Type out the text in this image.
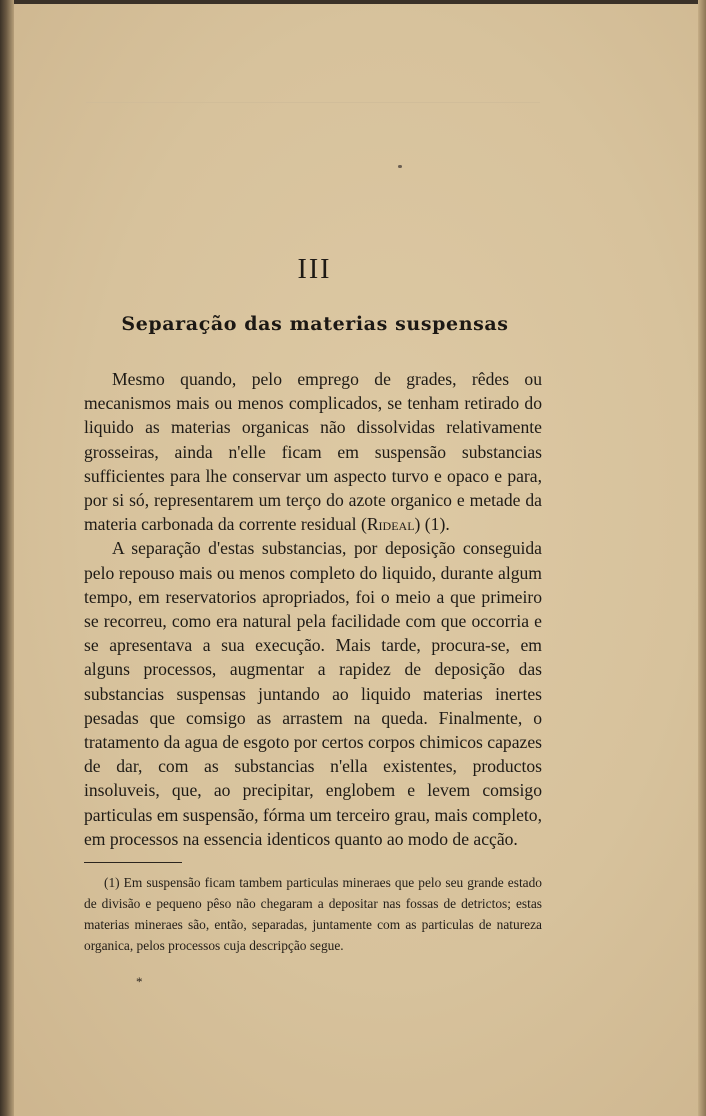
III
Separação das materias suspensas

Mesmo quando, pelo emprego de grades, rêdes ou mecanismos mais ou menos complicados, se tenham retirado do liquido as materias organicas não dissolvidas relativamente grosseiras, ainda n'elle ficam em suspensão substancias sufficientes para lhe conservar um aspecto turvo e opaco e para, por si só, representarem um terço do azote organico e metade da materia carbonada da corrente residual (Rideal) (1).

A separação d'estas substancias, por deposição conseguida pelo repouso mais ou menos completo do liquido, durante algum tempo, em reservatorios apropriados, foi o meio a que primeiro se recorreu, como era natural pela facilidade com que occorria e se apresentava a sua execução. Mais tarde, procura-se, em alguns processos, augmentar a rapidez de deposição das substancias suspensas juntando ao liquido materias inertes pesadas que comsigo as arrastem na queda. Finalmente, o tratamento da agua de esgoto por certos corpos chimicos capazes de dar, com as substancias n'ella existentes, productos insoluveis, que, ao precipitar, englobem e levem comsigo particulas em suspensão, fórma um terceiro grau, mais completo, em processos na essencia identicos quanto ao modo de acção.

(1) Em suspensão ficam tambem particulas mineraes que pelo seu grande estado de divisão e pequeno pêso não chegaram a depositar nas fossas de detrictos; estas materias mineraes são, então, separadas, juntamente com as particulas de natureza organica, pelos processos cuja descripção segue.

*
